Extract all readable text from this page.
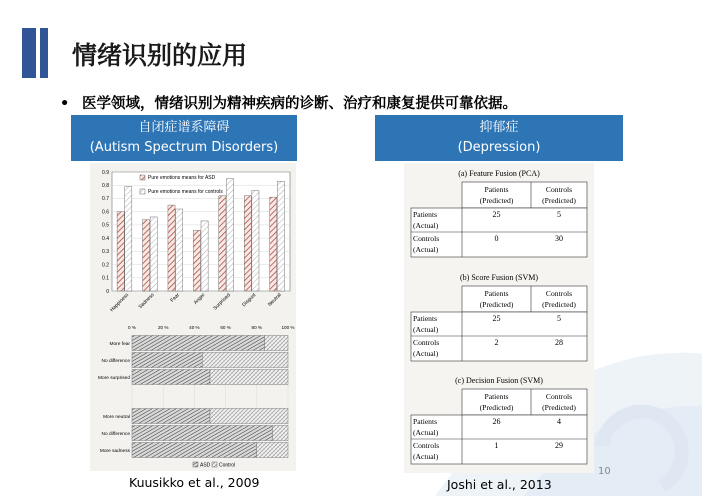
情绪识别的应用
• 医学领域，情绪识别为精神疾病的诊断、治疗和康复提供可靠依据。
自闭症谱系障碍
(Autism Spectrum Disorders)
抑郁症
(Depression)
0
0.1
0.2
0.3
0.4
0.5
0.6
0.7
0.8
0.9
Happiness Sadness	Fear Anger Surprised Disgust Neutral
Pure emotions means for ASD
Pure emotions means for controls
0 %	20 %	40 %	60 %	80 %	100 %
More fear
No difference
More surprised
More neutral
No difference
More sadness
ASD Control
(a) Feature Fusion (PCA)
Patients
(Predicted)
Controls
(Predicted)
Patients
(Actual)
25	5
Controls
(Actual)
0	30
(b) Score Fusion (SVM)
Patients
(Predicted)
Controls
(Predicted)
Patients
(Actual)
25	5
Controls
(Actual)
2	28
(c) Decision Fusion (SVM)
Patients
(Predicted)
Controls
(Predicted)
Patients
(Actual)
26	4
Controls
(Actual)
1	29
Kuusikko et al., 2009	Joshi et al., 2013
10
